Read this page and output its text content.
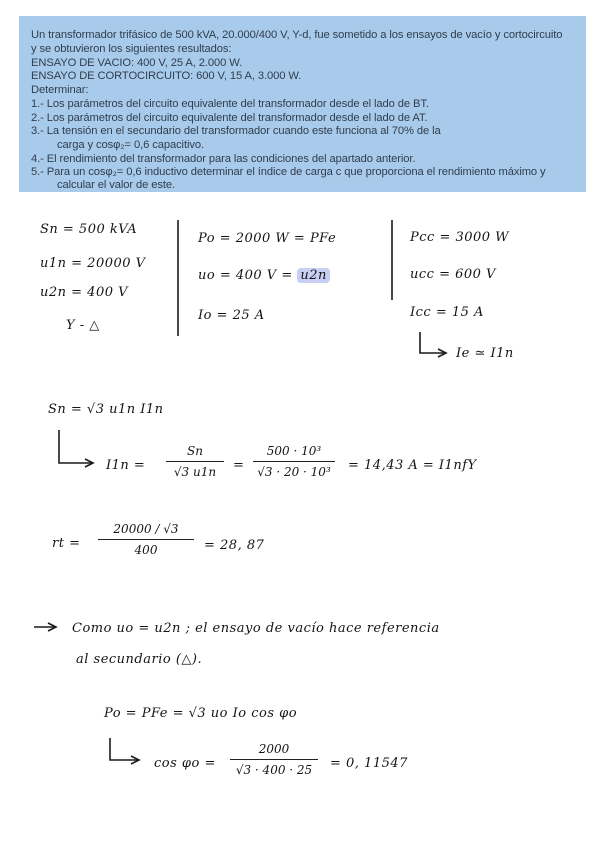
Un transformador trifásico de 500 kVA, 20.000/400 V, Y-d, fue sometido a los ensayos de vacío y cortocircuito
y se obtuvieron los siguientes resultados:
ENSAYO DE VACIO: 400 V, 25 A, 2.000 W.
ENSAYO DE CORTOCIRCUITO: 600 V, 15 A, 3.000 W.
Determinar:
1.- Los parámetros del circuito equivalente del transformador desde el lado de BT.
2.- Los parámetros del circuito equivalente del transformador desde el lado de AT.
3.- La tensión en el secundario del transformador cuando este funciona al 70% de la
carga y cosφ₂= 0,6 capacitivo.
4.- El rendimiento del transformador para las condiciones del apartado anterior.
5.- Para un cosφ₂= 0,6 inductivo determinar el índice de carga c que proporciona el rendimiento máximo y
calcular el valor de este.
Sn = 500 kVA
u1n = 20000 V
u2n = 400 V
Y - △
Po = 2000 W = PFe
uo = 400 V = u2n
Io = 25 A
Pcc = 3000 W
ucc = 600 V
Icc = 15 A
Ie ≃ I1n
Sn = √3 u1n I1n
I1n =
Sn
√3 u1n	=
500 · 10³
√3 · 20 · 10³	= 14,43 A = I1nfY
rt =
20000 / √3
400	= 28, 87
Como uo = u2n ; el ensayo de vacío hace referencia
al secundario (△).
Po = PFe = √3 uo Io cos φo
cos φo =
2000
√3 · 400 · 25	= 0, 11547
